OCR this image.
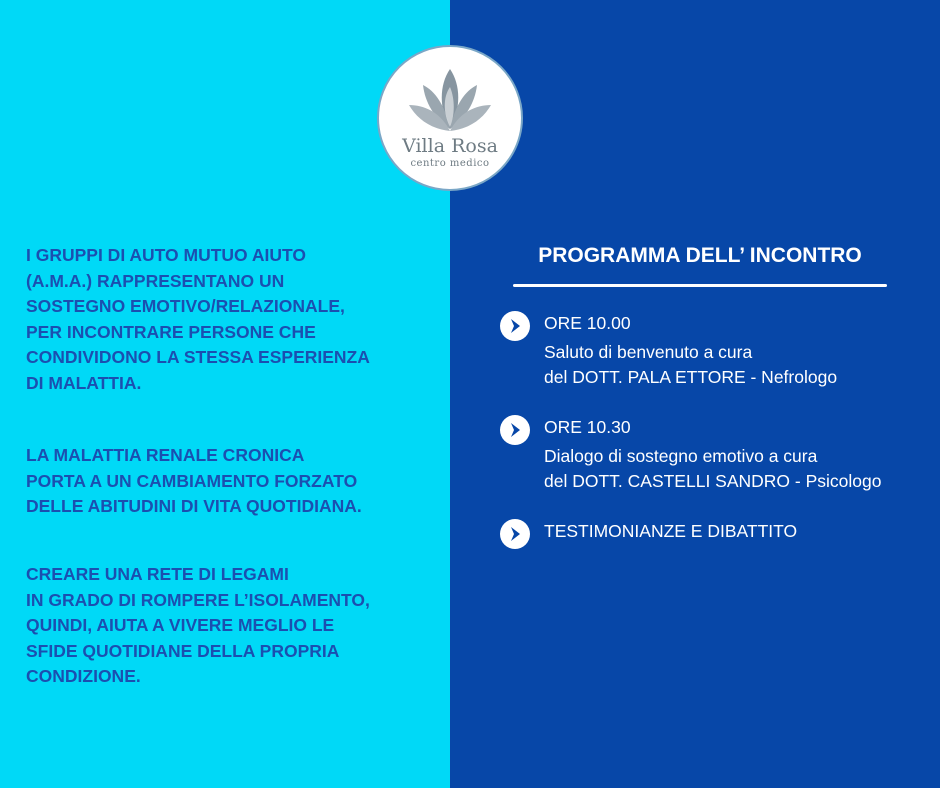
Villa Rosa
centro medico

I GRUPPI DI AUTO MUTUO AIUTO
(A.M.A.) RAPPRESENTANO UN
SOSTEGNO EMOTIVO/RELAZIONALE,
PER INCONTRARE PERSONE CHE
CONDIVIDONO LA STESSA ESPERIENZA
DI MALATTIA.

LA MALATTIA RENALE CRONICA
PORTA A UN CAMBIAMENTO FORZATO
DELLE ABITUDINI DI VITA QUOTIDIANA.

CREARE UNA RETE DI LEGAMI
IN GRADO DI ROMPERE L’ISOLAMENTO,
QUINDI, AIUTA A VIVERE MEGLIO LE
SFIDE QUOTIDIANE DELLA PROPRIA
CONDIZIONE.

PROGRAMMA DELL’ INCONTRO
ORE 10.00
Saluto di benvenuto a cura
del DOTT. PALA ETTORE - Nefrologo
ORE 10.30
Dialogo di sostegno emotivo a cura
del DOTT. CASTELLI SANDRO - Psicologo
TESTIMONIANZE E DIBATTITO
